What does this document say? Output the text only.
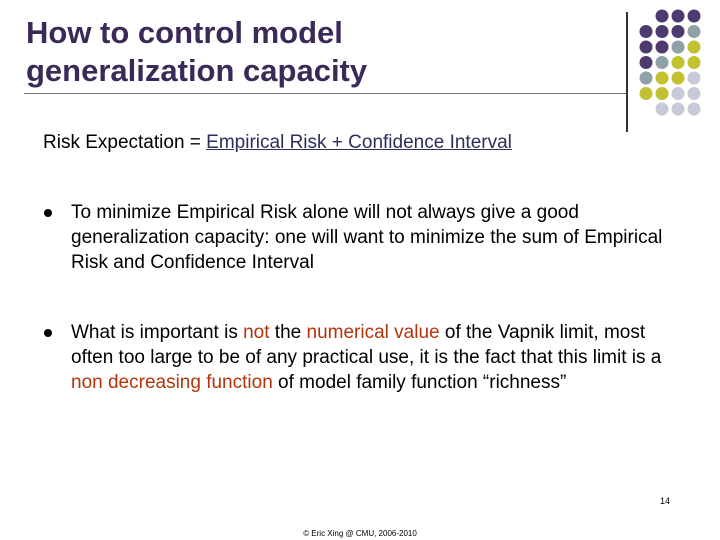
How to control model
generalization capacity

Risk Expectation = Empirical Risk + Confidence Interval

To minimize Empirical Risk alone will not always give a good generalization capacity: one will want to minimize the sum of Empirical Risk and Confidence Interval
What is important is not the numerical value of the Vapnik limit, most often too large to be of any practical use, it is the fact that this limit is a non decreasing function of model family function “richness”
14
© Eric Xing @ CMU, 2006-2010
